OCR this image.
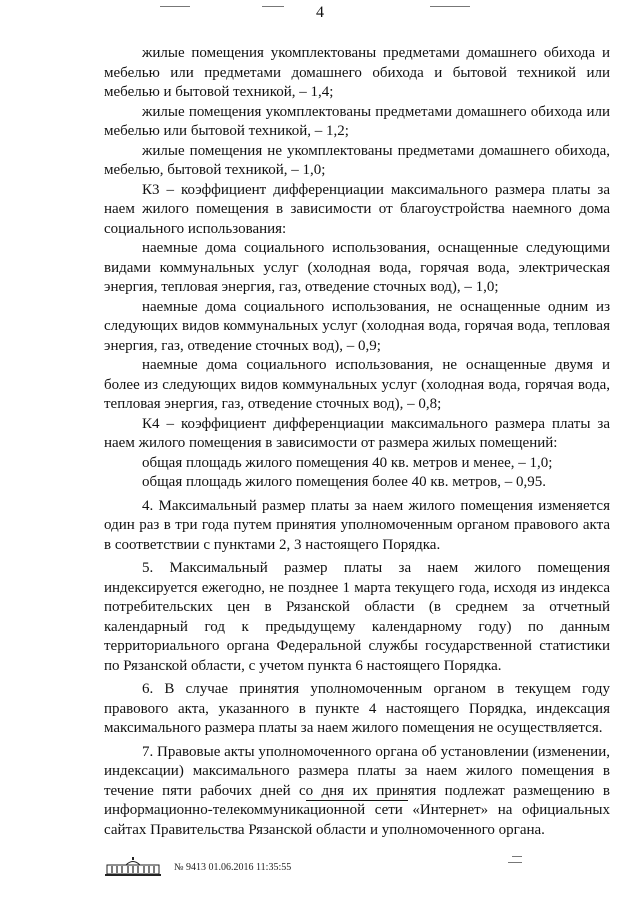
4

жилые помещения укомплектованы предметами домашнего обихода и мебелью или предметами домашнего обихода и бытовой техникой или мебелью и бытовой техникой, – 1,4;

жилые помещения укомплектованы предметами домашнего обихода или мебелью или бытовой техникой, – 1,2;

жилые помещения не укомплектованы предметами домашнего обихода, мебелью, бытовой техникой, – 1,0;

К3 – коэффициент дифференциации максимального размера платы за наем жилого помещения в зависимости от благоустройства наемного дома социального использования:

наемные дома социального использования, оснащенные следующими видами коммунальных услуг (холодная вода, горячая вода, электрическая энергия, тепловая энергия, газ, отведение сточных вод), – 1,0;

наемные дома социального использования, не оснащенные одним из следующих видов коммунальных услуг (холодная вода, горячая вода, тепловая энергия, газ, отведение сточных вод), – 0,9;

наемные дома социального использования, не оснащенные двумя и более из следующих видов коммунальных услуг (холодная вода, горячая вода, тепловая энергия, газ, отведение сточных вод), – 0,8;

К4 – коэффициент дифференциации максимального размера платы за наем жилого помещения в зависимости от размера жилых помещений:

общая площадь жилого помещения 40 кв. метров и менее, – 1,0;

общая площадь жилого помещения более 40 кв. метров, – 0,95.

4. Максимальный размер платы за наем жилого помещения изменяется один раз в три года путем принятия уполномоченным органом правового акта в соответствии с пунктами 2, 3 настоящего Порядка.

5. Максимальный размер платы за наем жилого помещения индексируется ежегодно, не позднее 1 марта текущего года, исходя из индекса потребительских цен в Рязанской области (в среднем за отчетный календарный год к предыдущему календарному году) по данным территориального органа Федеральной службы государственной статистики по Рязанской области, с учетом пункта 6 настоящего Порядка.

6. В случае принятия уполномоченным органом в текущем году правового акта, указанного в пункте 4 настоящего Порядка, индексация максимального размера платы за наем жилого помещения не осуществляется.

7. Правовые акты уполномоченного органа об установлении (изменении, индексации) максимального размера платы за наем жилого помещения в течение пяти рабочих дней со дня их принятия подлежат размещению в информационно-телекоммуникационной сети «Интернет» на официальных сайтах Правительства Рязанской области и уполномоченного органа.

№ 9413 01.06.2016 11:35:55
